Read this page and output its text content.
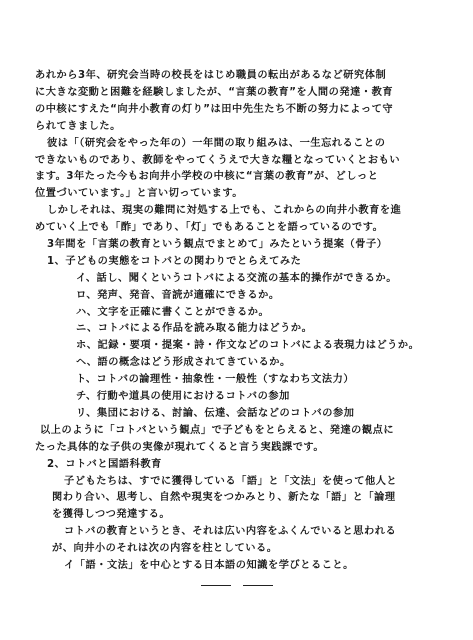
あれから3年、研究会当時の校長をはじめ職員の転出があるなど研究体制
に大きな変動と困難を経験しましたが、“言葉の教育”を人間の発達・教育
の中核にすえた“向井小教育の灯り”は田中先生たち不断の努力によって守
られてきました。
彼は「（研究会をやった年の）一年間の取り組みは、一生忘れることの
できないものであり、教師をやってくうえで大きな糧となっていくとおもい
ます。3年たった今もお向井小学校の中核に“言葉の教育”が、どしっと
位置づいています。」と言い切っています。
しかしそれは、現実の難問に対処する上でも、これからの向井小教育を進
めていく上でも「酢」であり、「灯」でもあることを語っているのです。
3年間を「言葉の教育という観点でまとめて」みたという提案（骨子）
1、子どもの実態をコトバとの関わりでとらえてみた
イ、話し、聞くというコトバによる交流の基本的操作ができるか。
ロ、発声、発音、音読が適確にできるか。
ハ、文字を正確に書くことができるか。
ニ、コトバによる作品を読み取る能力はどうか。
ホ、記録・要項・提案・詩・作文などのコトバによる表現力はどうか。
ヘ、語の概念はどう形成されてきているか。
ト、コトバの論理性・抽象性・一般性（すなわち文法力）
チ、行動や道具の使用におけるコトバの参加
リ、集団における、討論、伝達、会話などのコトバの参加
以上のように「コトバという観点」で子どもをとらえると、発達の観点に
たった具体的な子供の実像が現れてくると言う実践課です。
2、コトバと国語科教育
子どもたちは、すでに獲得している「語」と「文法」を使って他人と
関わり合い、思考し、自然や現実をつかみとり、新たな「語」と「論理
を獲得しつつ発達する。
コトバの教育というとき、それは広い内容をふくんでいると思われる
が、向井小のそれは次の内容を柱としている。
イ「語・文法」を中心とする日本語の知識を学びとること。
